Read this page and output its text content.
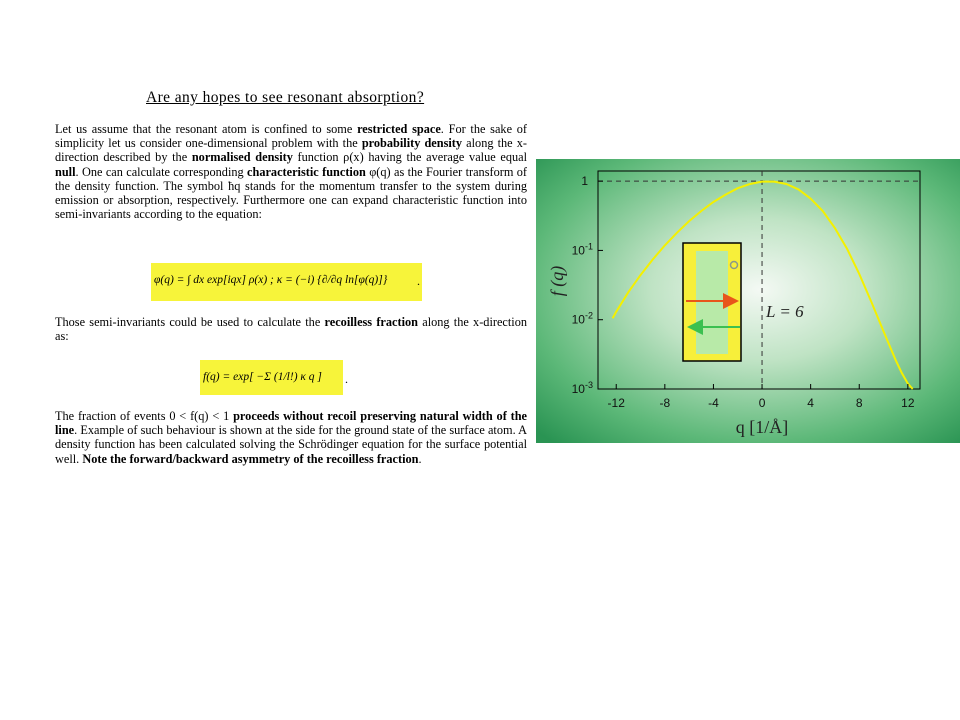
Are any hopes to see resonant absorption?
Let us assume that the resonant atom is confined to some restricted space. For the sake of simplicity let us consider one-dimensional problem with the probability density along the x-direction described by the normalised density function ρ(x) having the average value equal null. One can calculate corresponding characteristic function φ(q) as the Fourier transform of the density function. The symbol ħq stands for the momentum transfer to the system during emission or absorption, respectively. Furthermore one can expand characteristic function into semi-invariants according to the equation:
φ(q) = ∫ dx exp[iqx] ρ(x) ; κ = (−i) {∂/∂q ln[φ(q)]} .
Those semi-invariants could be used to calculate the recoilless fraction along the x-direction as:
f(q) = exp[ −Σ (1/l!) κ q ] .
The fraction of events 0 < f(q) < 1 proceeds without recoil preserving natural width of the line. Example of such behaviour is shown at the side for the ground state of the surface atom. A density function has been calculated solving the Schrödinger equation for the surface potential well. Note the forward/backward asymmetry of the recoilless fraction.
-12	-8	-4	0	4	8	12
1
$10^{-1}$
$10^{-2}$
$10^{-3}$
L = 6
f (q)
q [1/Å]
